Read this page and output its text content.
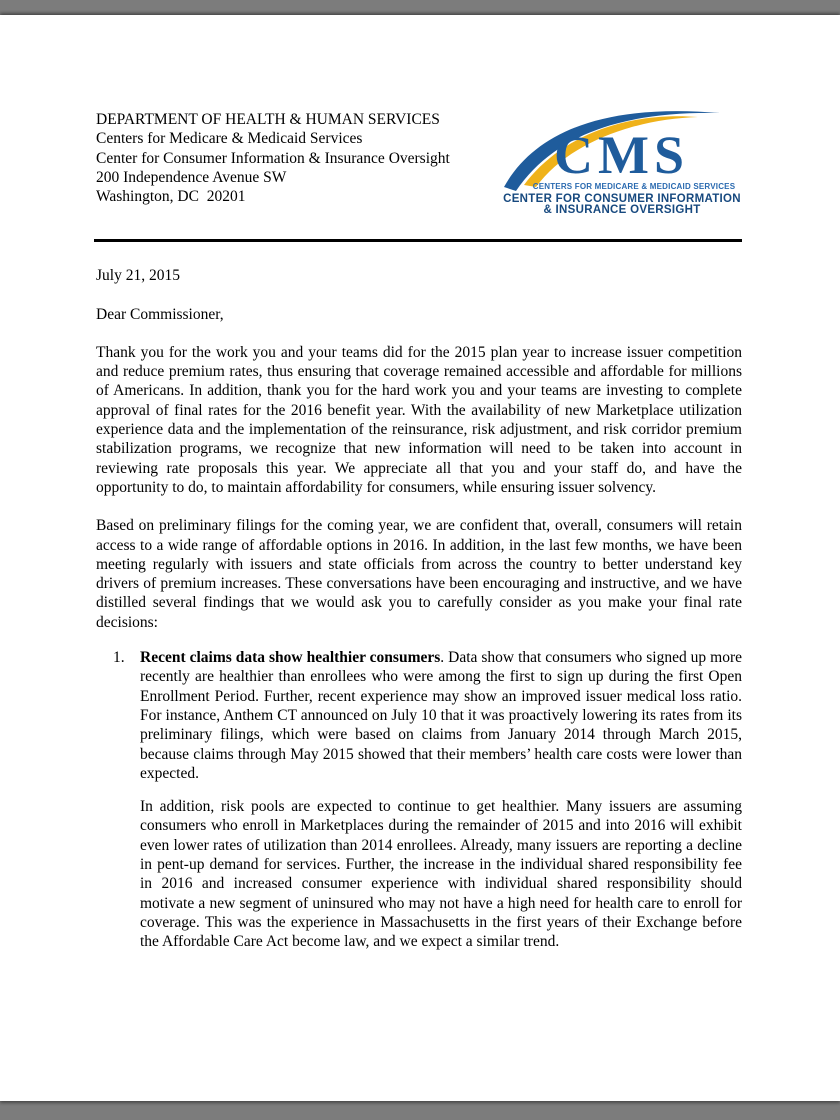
DEPARTMENT OF HEALTH & HUMAN SERVICES
Centers for Medicare & Medicaid Services
Center for Consumer Information & Insurance Oversight
200 Independence Avenue SW
Washington, DC  20201
CMS
CENTERS FOR MEDICARE & MEDICAID SERVICES
CENTER FOR CONSUMER INFORMATION
& INSURANCE OVERSIGHT
July 21, 2015
Dear Commissioner,

Thank you for the work you and your teams did for the 2015 plan year to increase issuer competition and reduce premium rates, thus ensuring that coverage remained accessible and affordable for millions of Americans. In addition, thank you for the hard work you and your teams are investing to complete approval of final rates for the 2016 benefit year. With the availability of new Marketplace utilization experience data and the implementation of the reinsurance, risk adjustment, and risk corridor premium stabilization programs, we recognize that new information will need to be taken into account in reviewing rate proposals this year. We appreciate all that you and your staff do, and have the opportunity to do, to maintain affordability for consumers, while ensuring issuer solvency.

Based on preliminary filings for the coming year, we are confident that, overall, consumers will retain access to a wide range of affordable options in 2016. In addition, in the last few months, we have been meeting regularly with issuers and state officials from across the country to better understand key drivers of premium increases. These conversations have been encouraging and instructive, and we have distilled several findings that we would ask you to carefully consider as you make your final rate decisions:

1. Recent claims data show healthier consumers. Data show that consumers who signed up more recently are healthier than enrollees who were among the first to sign up during the first Open Enrollment Period. Further, recent experience may show an improved issuer medical loss ratio. For instance, Anthem CT announced on July 10 that it was proactively lowering its rates from its preliminary filings, which were based on claims from January 2014 through March 2015, because claims through May 2015 showed that their members’ health care costs were lower than expected.
In addition, risk pools are expected to continue to get healthier. Many issuers are assuming consumers who enroll in Marketplaces during the remainder of 2015 and into 2016 will exhibit even lower rates of utilization than 2014 enrollees. Already, many issuers are reporting a decline in pent-up demand for services. Further, the increase in the individual shared responsibility fee in 2016 and increased consumer experience with individual shared responsibility should motivate a new segment of uninsured who may not have a high need for health care to enroll for coverage. This was the experience in Massachusetts in the first years of their Exchange before the Affordable Care Act become law, and we expect a similar trend.
